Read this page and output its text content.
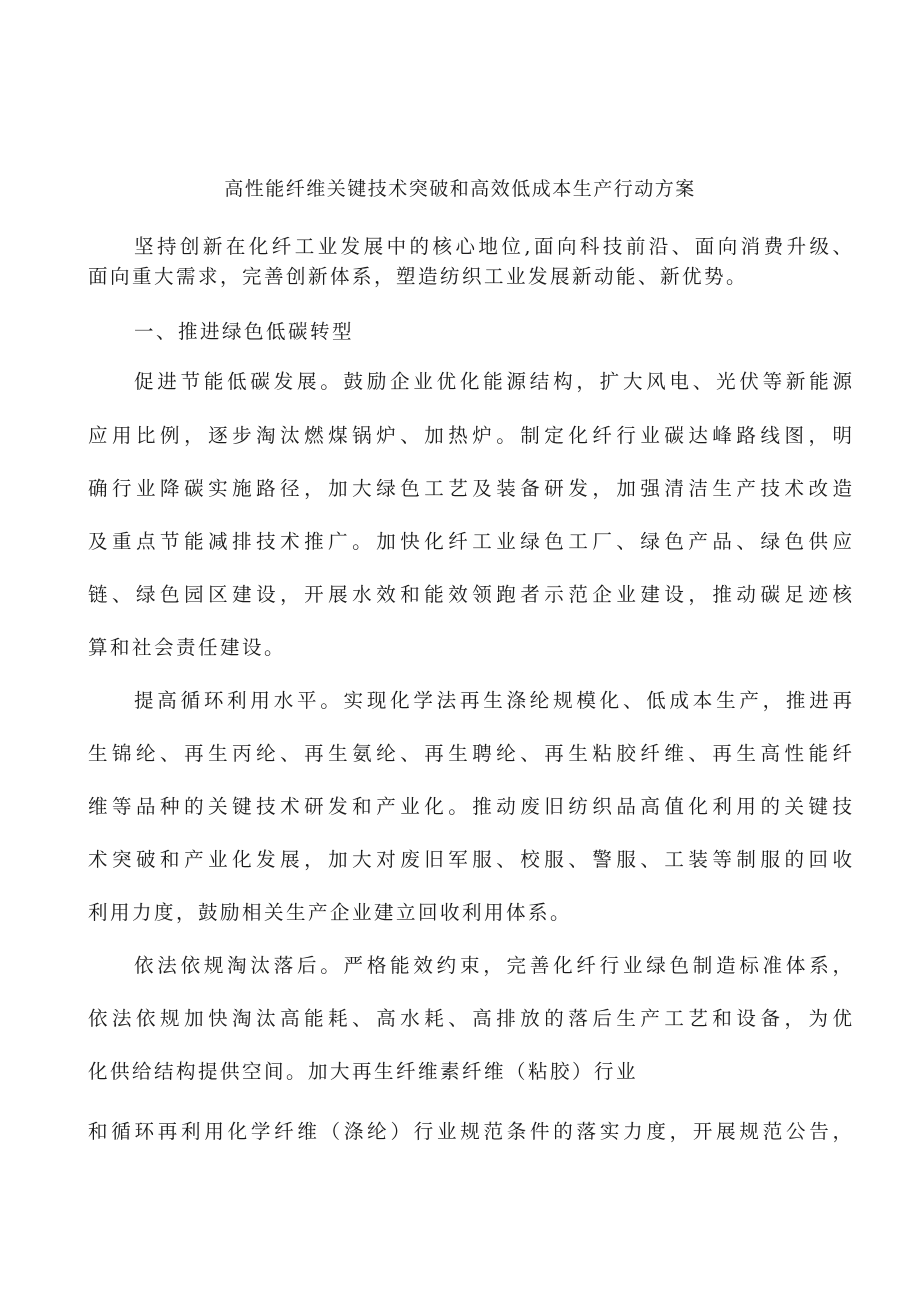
高性能纤维关键技术突破和高效低成本生产行动方案

坚持创新在化纤工业发展中的核心地位,面向科技前沿、面向消费升级、

面向重大需求，完善创新体系，塑造纺织工业发展新动能、新优势。

一、推进绿色低碳转型

促进节能低碳发展。鼓励企业优化能源结构，扩大风电、光伏等新能源

应用比例，逐步淘汰燃煤锅炉、加热炉。制定化纤行业碳达峰路线图，明

确行业降碳实施路径，加大绿色工艺及装备研发，加强清洁生产技术改造

及重点节能减排技术推广。加快化纤工业绿色工厂、绿色产品、绿色供应

链、绿色园区建设，开展水效和能效领跑者示范企业建设，推动碳足迹核

算和社会责任建设。

提高循环利用水平。实现化学法再生涤纶规模化、低成本生产，推进再

生锦纶、再生丙纶、再生氨纶、再生聘纶、再生粘胶纤维、再生高性能纤

维等品种的关键技术研发和产业化。推动废旧纺织品高值化利用的关键技

术突破和产业化发展，加大对废旧军服、校服、警服、工装等制服的回收

利用力度，鼓励相关生产企业建立回收利用体系。

依法依规淘汰落后。严格能效约束，完善化纤行业绿色制造标准体系，

依法依规加快淘汰高能耗、高水耗、高排放的落后生产工艺和设备，为优

化供给结构提供空间。加大再生纤维素纤维（粘胶）行业

和循环再利用化学纤维（涤纶）行业规范条件的落实力度，开展规范公告，
